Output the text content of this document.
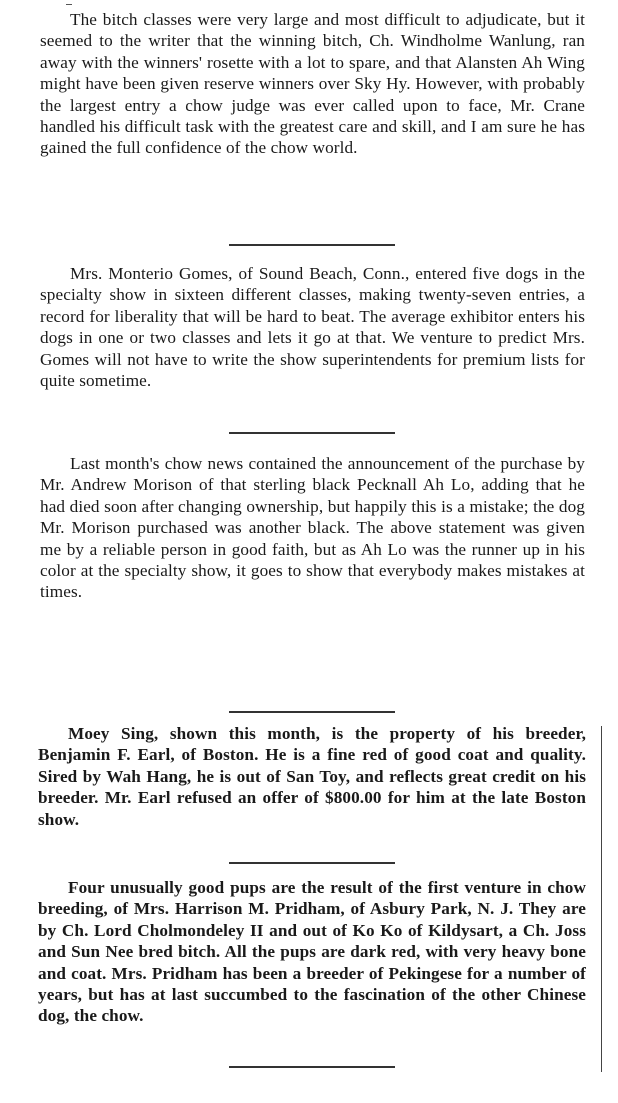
The bitch classes were very large and most difficult to adjudicate, but it seemed to the writer that the winning bitch, Ch. Windholme Wanlung, ran away with the winners' rosette with a lot to spare, and that Alansten Ah Wing might have been given reserve winners over Sky Hy. However, with probably the largest entry a chow judge was ever called upon to face, Mr. Crane handled his difficult task with the greatest care and skill, and I am sure he has gained the full confidence of the chow world.

Mrs. Monterio Gomes, of Sound Beach, Conn., entered five dogs in the specialty show in sixteen different classes, making twenty-seven entries, a record for liberality that will be hard to beat. The average exhibitor enters his dogs in one or two classes and lets it go at that. We venture to predict Mrs. Gomes will not have to write the show superintendents for premium lists for quite sometime.

Last month's chow news contained the announcement of the purchase by Mr. Andrew Morison of that sterling black Pecknall Ah Lo, adding that he had died soon after changing ownership, but happily this is a mistake; the dog Mr. Morison purchased was another black. The above statement was given me by a reliable person in good faith, but as Ah Lo was the runner up in his color at the specialty show, it goes to show that everybody makes mistakes at times.

Moey Sing, shown this month, is the property of his breeder, Benjamin F. Earl, of Boston. He is a fine red of good coat and quality. Sired by Wah Hang, he is out of San Toy, and reflects great credit on his breeder. Mr. Earl refused an offer of $800.00 for him at the late Boston show.

Four unusually good pups are the result of the first venture in chow breeding, of Mrs. Harrison M. Pridham, of Asbury Park, N. J. They are by Ch. Lord Cholmondeley II and out of Ko Ko of Kildysart, a Ch. Joss and Sun Nee bred bitch. All the pups are dark red, with very heavy bone and coat. Mrs. Pridham has been a breeder of Pekingese for a number of years, but has at last succumbed to the fascination of the other Chinese dog, the chow.
